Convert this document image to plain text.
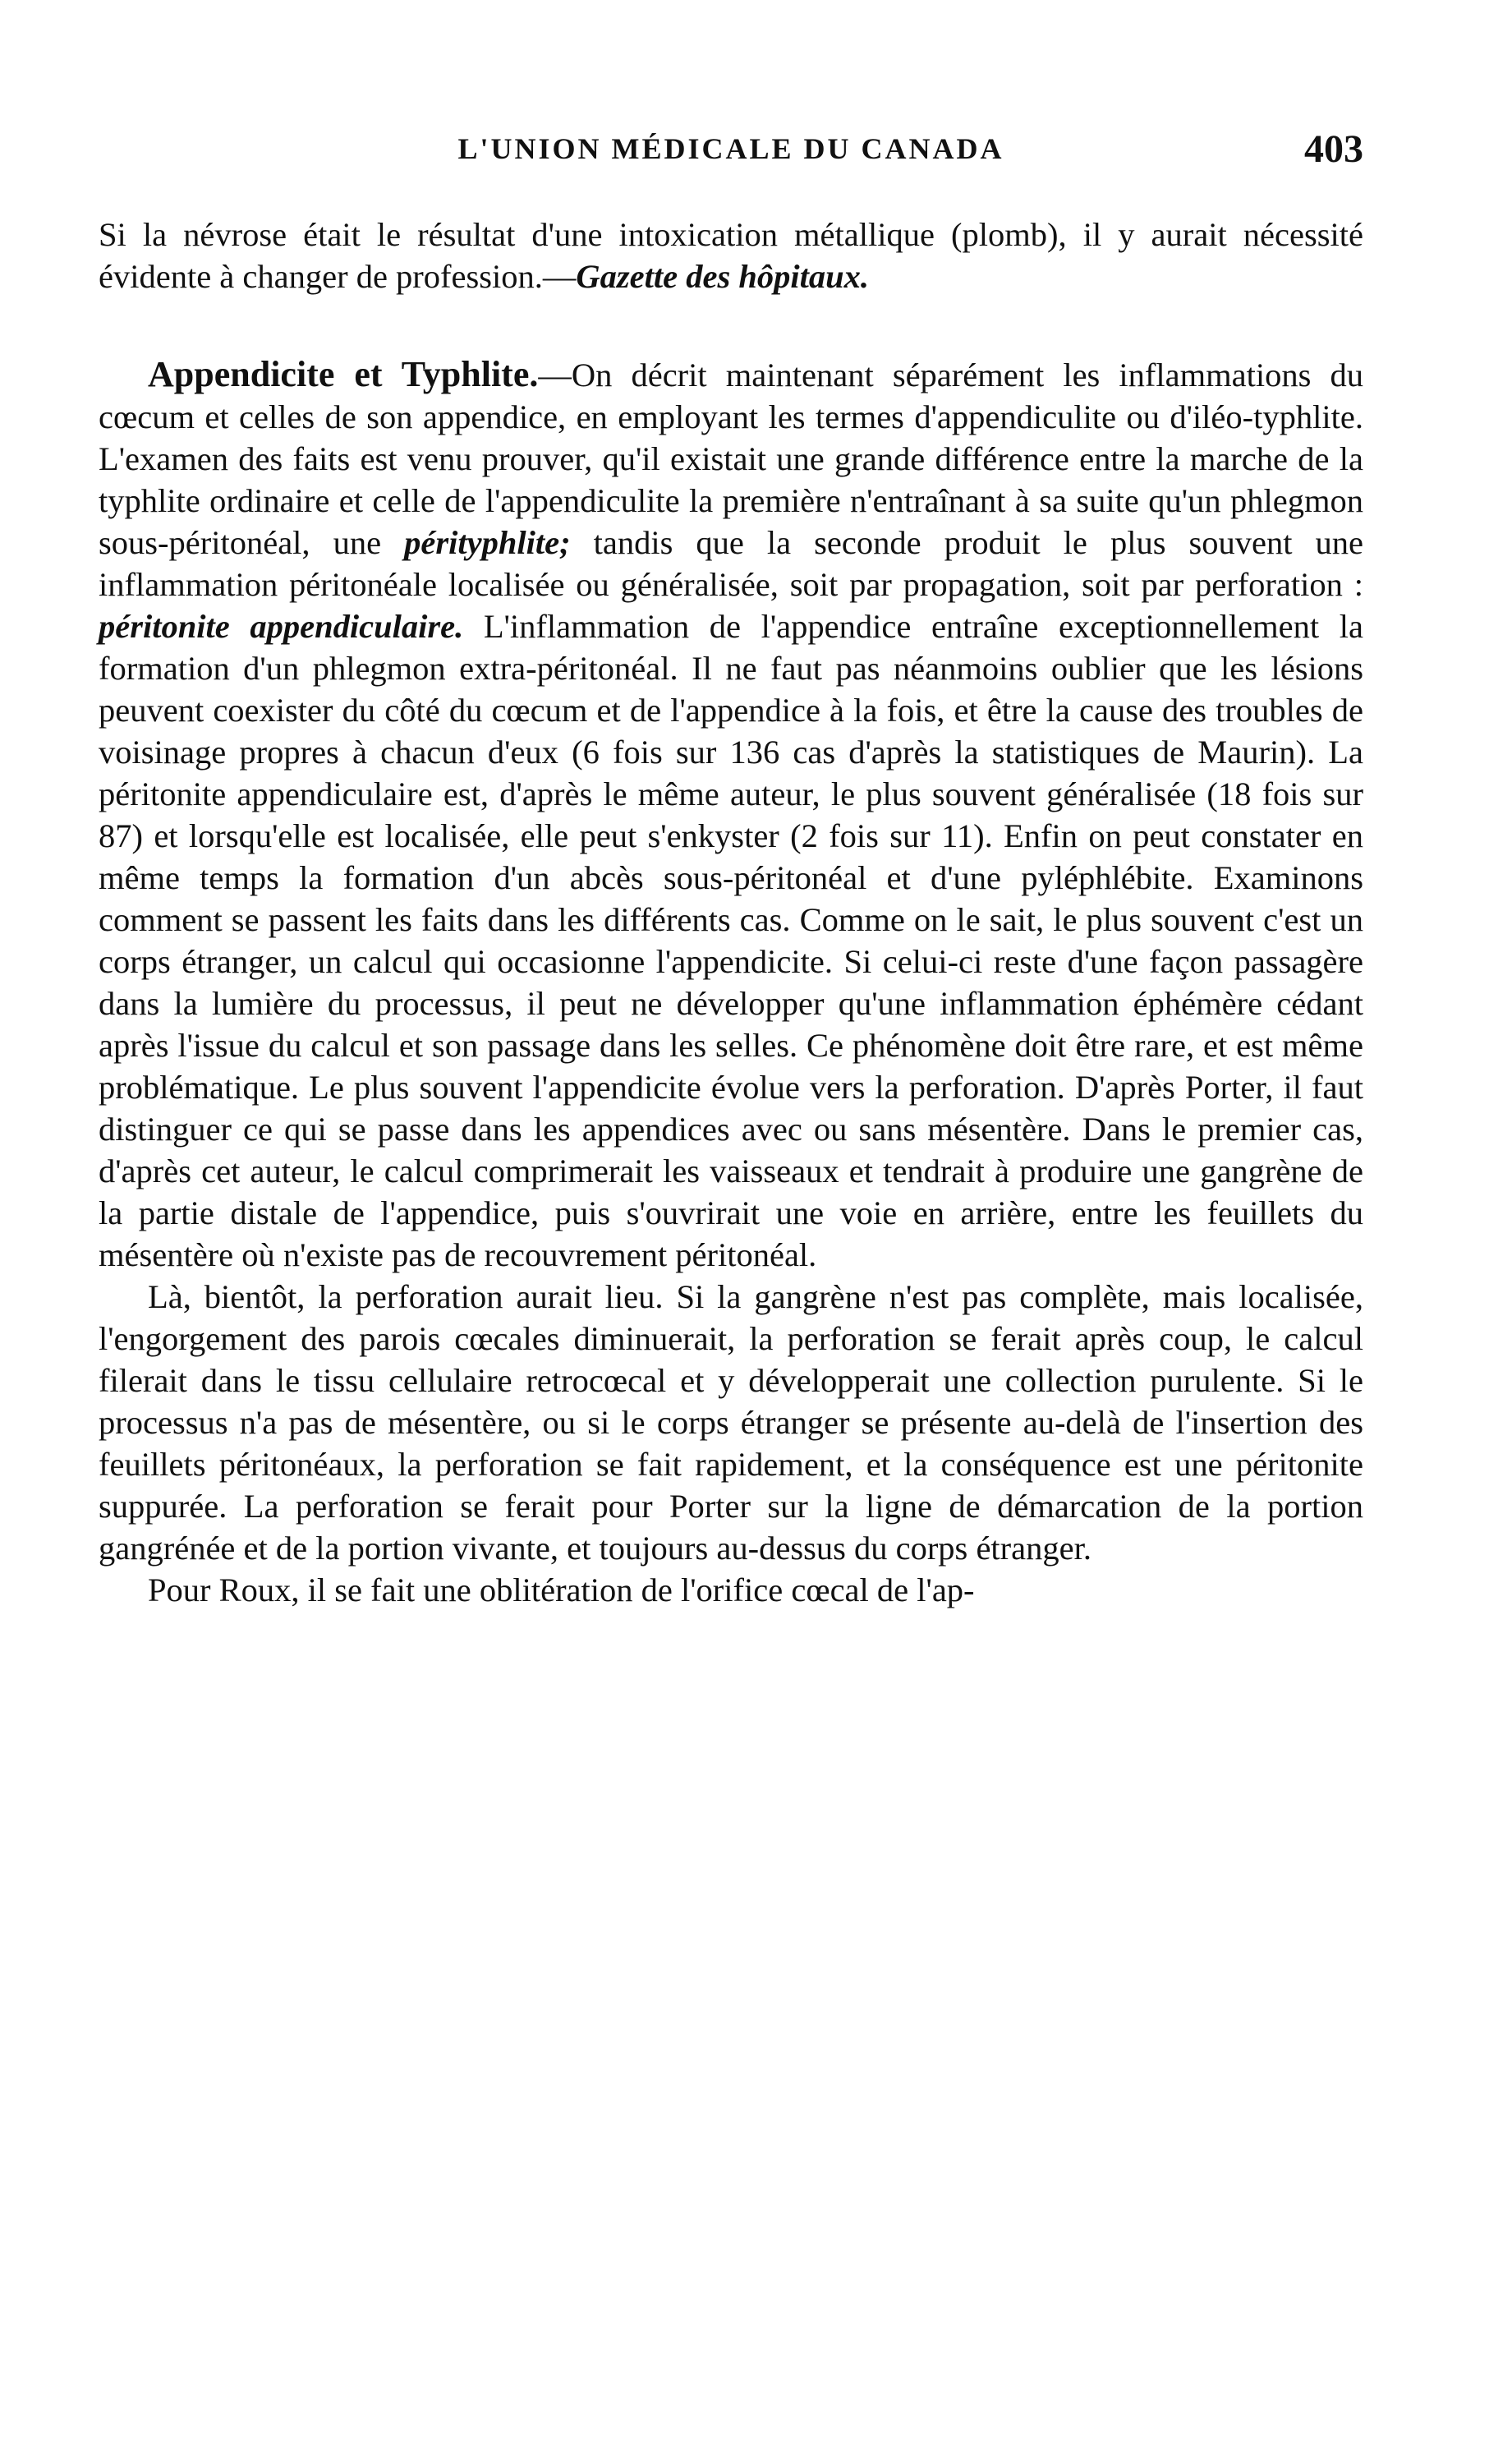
L'UNION MÉDICALE DU CANADA	403

Si la névrose était le résultat d'une intoxication métallique (plomb), il y aurait nécessité évidente à changer de profession.—Gazette des hôpitaux.

Appendicite et Typhlite.—On décrit maintenant séparément les inflammations du cœcum et celles de son appendice, en employant les termes d'appendiculite ou d'iléo-typhlite. L'examen des faits est venu prouver, qu'il existait une grande différence entre la marche de la typhlite ordinaire et celle de l'appendiculite la première n'entraînant à sa suite qu'un phlegmon sous-péritonéal, une pérityphlite; tandis que la seconde produit le plus souvent une inflammation péritonéale localisée ou généralisée, soit par propagation, soit par perforation : péritonite appendiculaire. L'inflammation de l'appendice entraîne exceptionnellement la formation d'un phlegmon extra-péritonéal. Il ne faut pas néanmoins oublier que les lésions peuvent coexister du côté du cœcum et de l'appendice à la fois, et être la cause des troubles de voisinage propres à chacun d'eux (6 fois sur 136 cas d'après la statistiques de Maurin). La péritonite appendiculaire est, d'après le même auteur, le plus souvent généralisée (18 fois sur 87) et lorsqu'elle est localisée, elle peut s'enkyster (2 fois sur 11). Enfin on peut constater en même temps la formation d'un abcès sous-péritonéal et d'une pyléphlébite. Examinons comment se passent les faits dans les différents cas. Comme on le sait, le plus souvent c'est un corps étranger, un calcul qui occasionne l'appendicite. Si celui-ci reste d'une façon passagère dans la lumière du processus, il peut ne développer qu'une inflammation éphémère cédant après l'issue du calcul et son passage dans les selles. Ce phénomène doit être rare, et est même problématique. Le plus souvent l'appendicite évolue vers la perforation. D'après Porter, il faut distinguer ce qui se passe dans les appendices avec ou sans mésentère. Dans le premier cas, d'après cet auteur, le calcul comprimerait les vaisseaux et tendrait à produire une gangrène de la partie distale de l'appendice, puis s'ouvrirait une voie en arrière, entre les feuillets du mésentère où n'existe pas de recouvrement péritonéal.

Là, bientôt, la perforation aurait lieu. Si la gangrène n'est pas complète, mais localisée, l'engorgement des parois cœcales diminuerait, la perforation se ferait après coup, le calcul filerait dans le tissu cellulaire retrocœcal et y développerait une collection purulente. Si le processus n'a pas de mésentère, ou si le corps étranger se présente au-delà de l'insertion des feuillets péritonéaux, la perforation se fait rapidement, et la conséquence est une péritonite suppurée. La perforation se ferait pour Porter sur la ligne de démarcation de la portion gangrénée et de la portion vivante, et toujours au-dessus du corps étranger.

Pour Roux, il se fait une oblitération de l'orifice cœcal de l'ap-
